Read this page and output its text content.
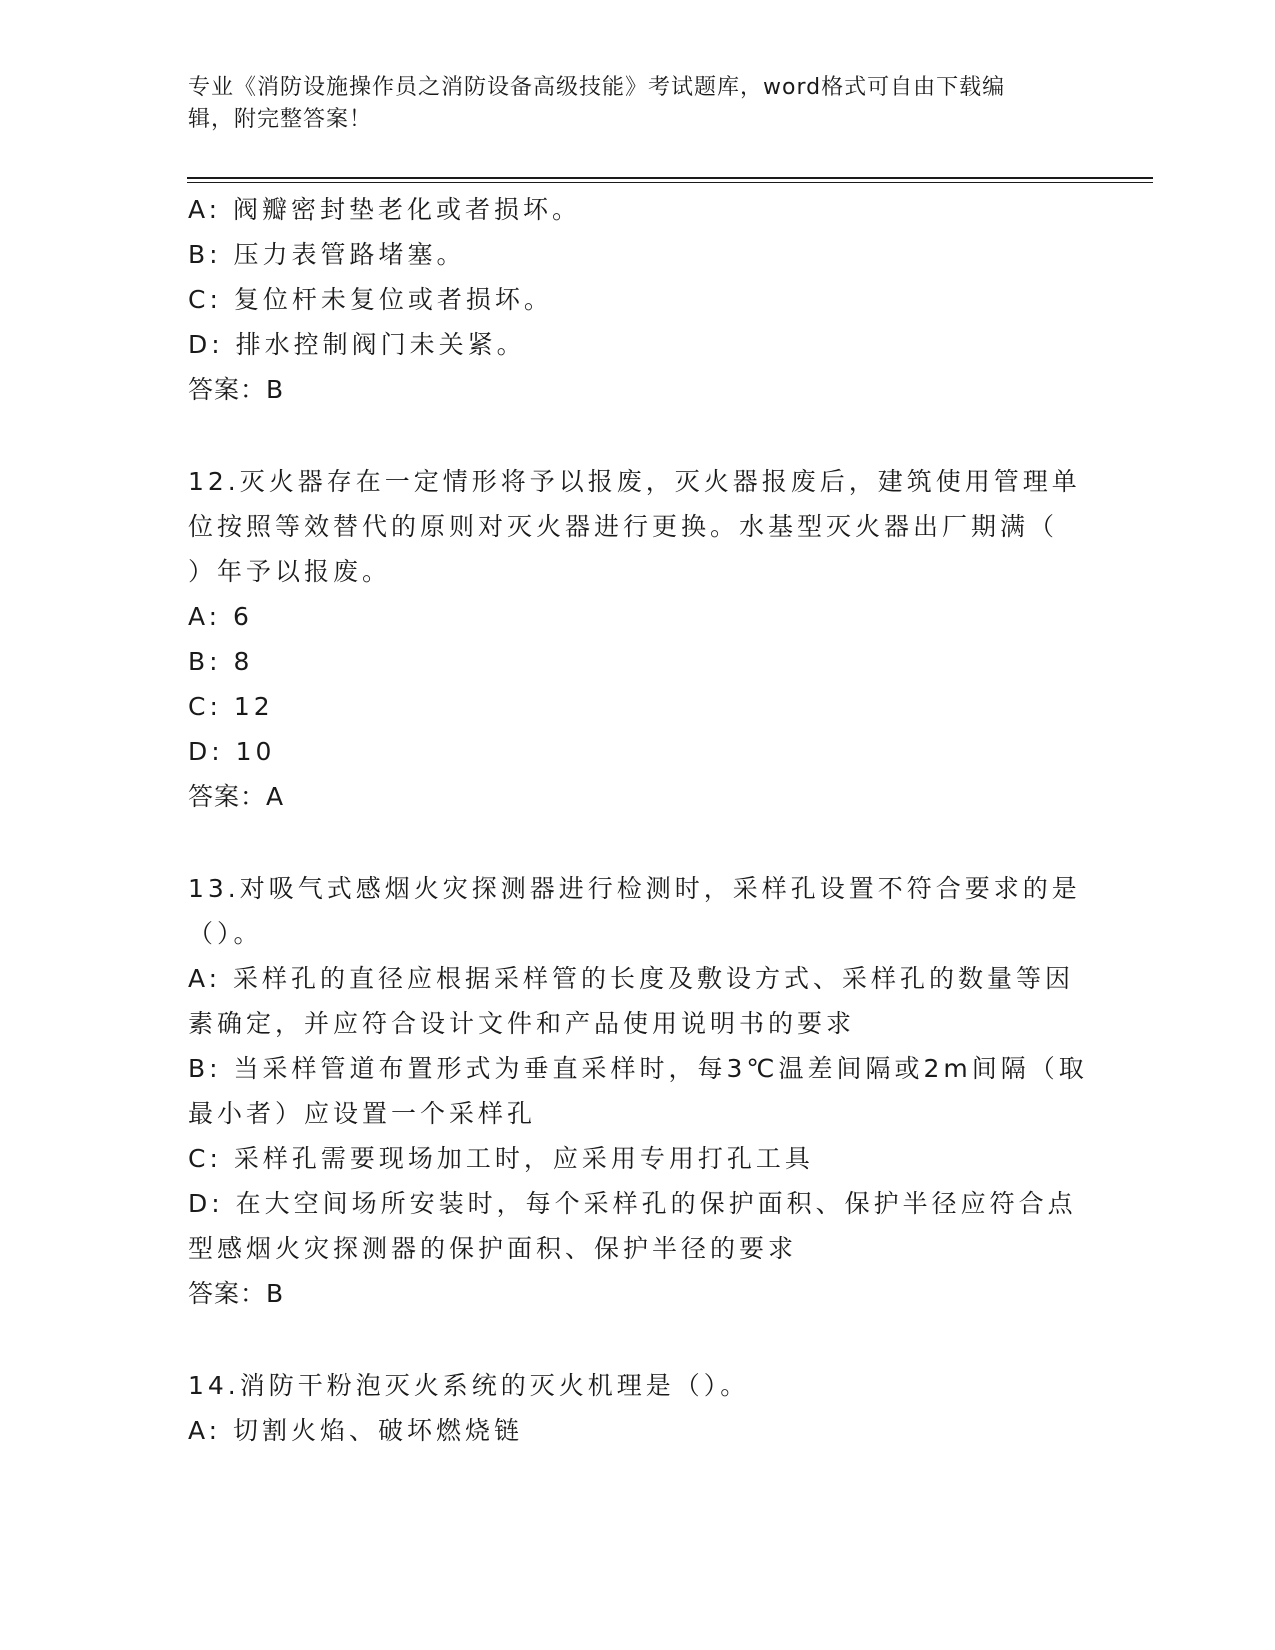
专业《消防设施操作员之消防设备高级技能》考试题库，word格式可自由下载编
辑，附完整答案！
A: 阀瓣密封垫老化或者损坏。
B: 压力表管路堵塞。
C: 复位杆未复位或者损坏。
D: 排水控制阀门未关紧。
答案：B
12.灭火器存在一定情形将予以报废，灭火器报废后，建筑使用管理单
位按照等效替代的原则对灭火器进行更换。水基型灭火器出厂期满（
）年予以报废。
A: 6
B: 8
C: 12
D: 10
答案：A
13.对吸气式感烟火灾探测器进行检测时，采样孔设置不符合要求的是
（）。
A: 采样孔的直径应根据采样管的长度及敷设方式、采样孔的数量等因
素确定，并应符合设计文件和产品使用说明书的要求
B: 当采样管道布置形式为垂直采样时，每3℃温差间隔或2m间隔（取
最小者）应设置一个采样孔
C: 采样孔需要现场加工时，应采用专用打孔工具
D: 在大空间场所安装时，每个采样孔的保护面积、保护半径应符合点
型感烟火灾探测器的保护面积、保护半径的要求
答案：B
14.消防干粉泡灭火系统的灭火机理是（）。
A: 切割火焰、破坏燃烧链
